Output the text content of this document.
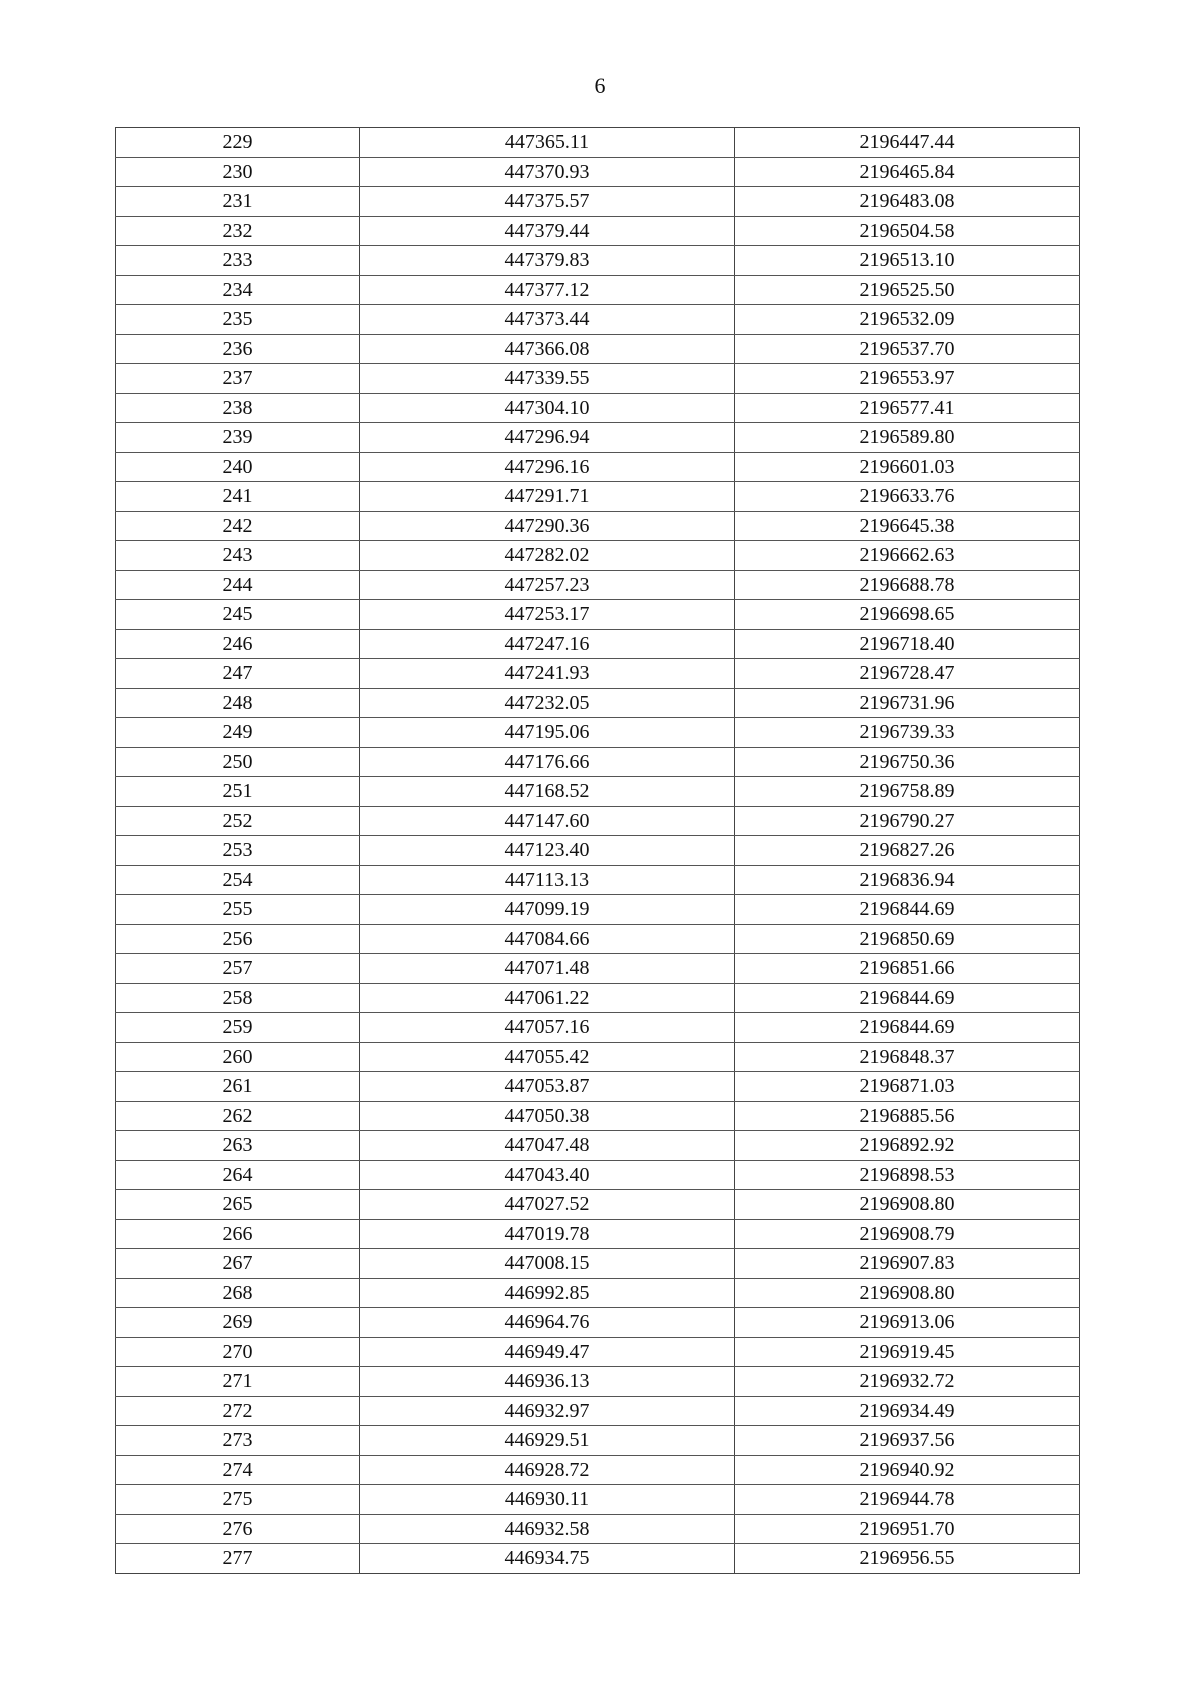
6
229	447365.11	2196447.44
230	447370.93	2196465.84
231	447375.57	2196483.08
232	447379.44	2196504.58
233	447379.83	2196513.10
234	447377.12	2196525.50
235	447373.44	2196532.09
236	447366.08	2196537.70
237	447339.55	2196553.97
238	447304.10	2196577.41
239	447296.94	2196589.80
240	447296.16	2196601.03
241	447291.71	2196633.76
242	447290.36	2196645.38
243	447282.02	2196662.63
244	447257.23	2196688.78
245	447253.17	2196698.65
246	447247.16	2196718.40
247	447241.93	2196728.47
248	447232.05	2196731.96
249	447195.06	2196739.33
250	447176.66	2196750.36
251	447168.52	2196758.89
252	447147.60	2196790.27
253	447123.40	2196827.26
254	447113.13	2196836.94
255	447099.19	2196844.69
256	447084.66	2196850.69
257	447071.48	2196851.66
258	447061.22	2196844.69
259	447057.16	2196844.69
260	447055.42	2196848.37
261	447053.87	2196871.03
262	447050.38	2196885.56
263	447047.48	2196892.92
264	447043.40	2196898.53
265	447027.52	2196908.80
266	447019.78	2196908.79
267	447008.15	2196907.83
268	446992.85	2196908.80
269	446964.76	2196913.06
270	446949.47	2196919.45
271	446936.13	2196932.72
272	446932.97	2196934.49
273	446929.51	2196937.56
274	446928.72	2196940.92
275	446930.11	2196944.78
276	446932.58	2196951.70
277	446934.75	2196956.55
